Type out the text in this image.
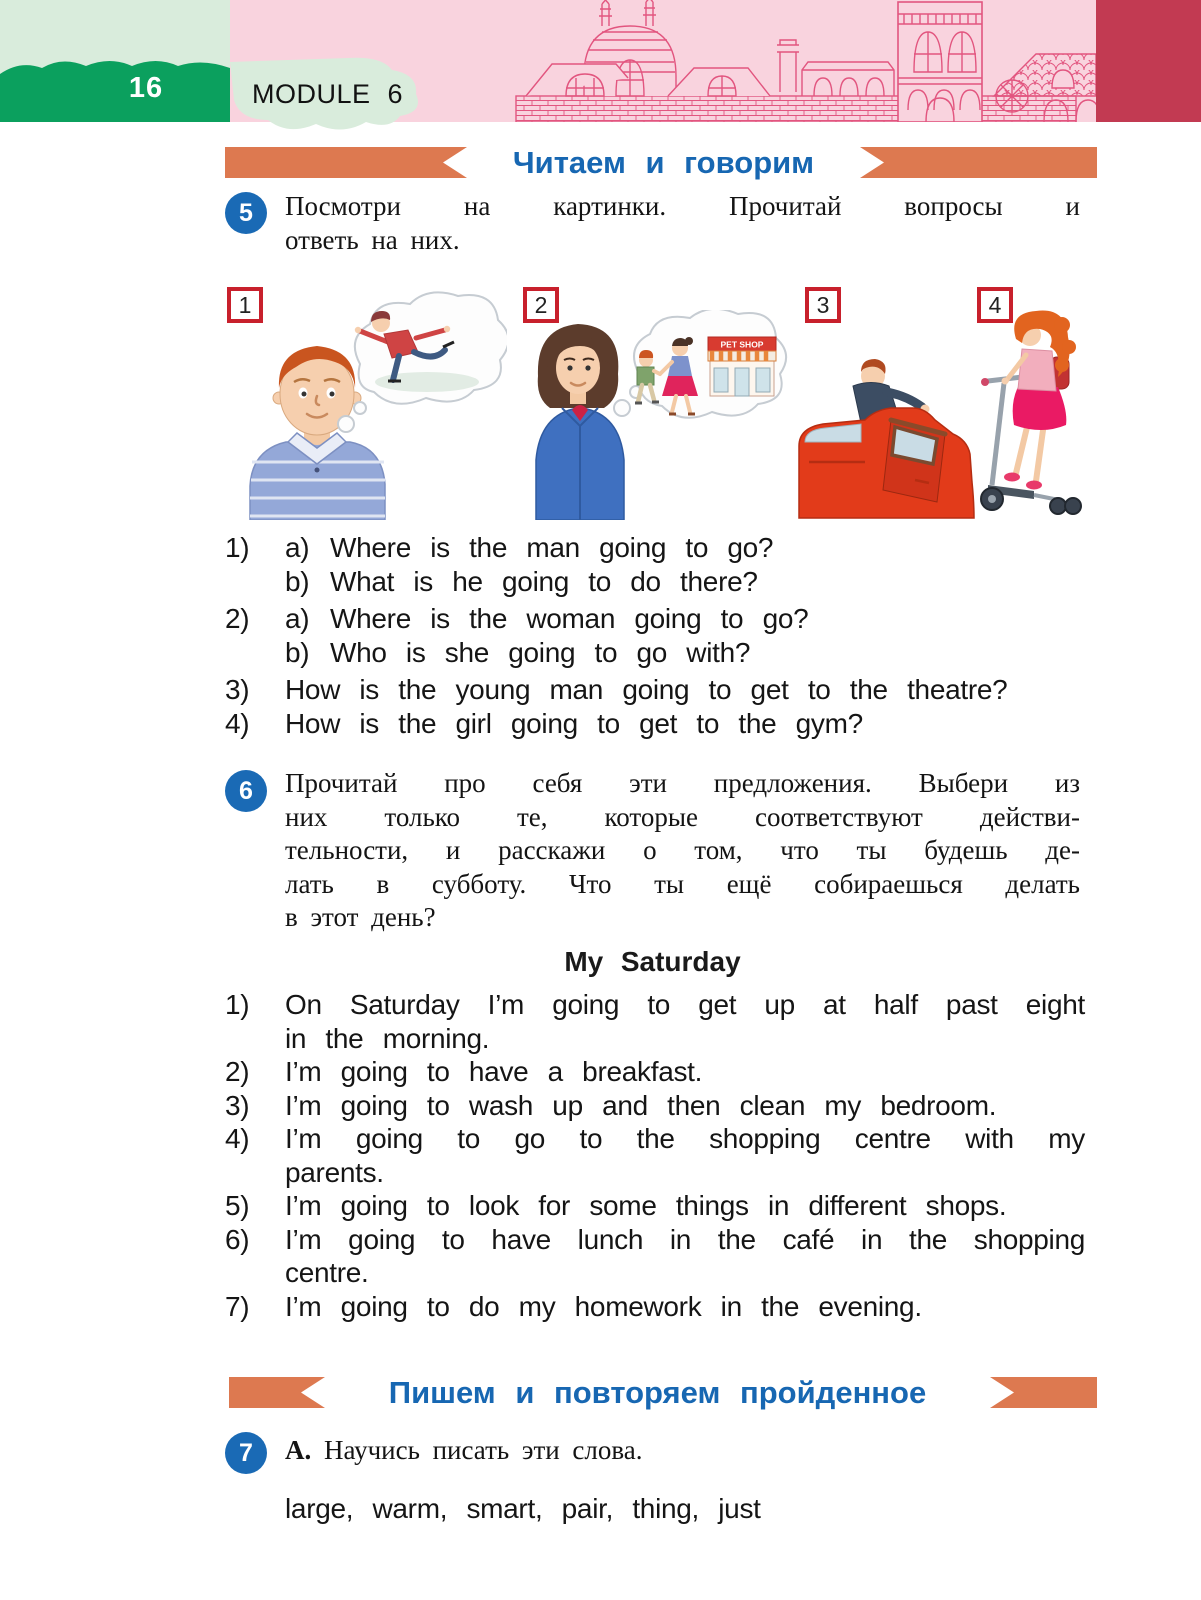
16	MODULE 6
Читаем и говорим
5	Посмотри на картинки. Прочитай вопросы и
ответь на них.
1	2	3	4
PET SHOP
1)	a) Where is the man going to go?
b) What is he going to do there?
2)	a) Where is the woman going to go?
b) Who is she going to go with?
3)	How is the young man going to get to the theatre?
4)	How is the girl going to get to the gym?
6	Прочитай про себя эти предложения. Выбери из
них только те, которые соответствуют действи-
тельности, и расскажи о том, что ты будешь де-
лать в субботу. Что ты ещё собираешься делать
в этот день?
My Saturday
1)	On Saturday I’m going to get up at half past eight
in the morning.
2)	I’m going to have a breakfast.
3)	I’m going to wash up and then clean my bedroom.
4)	I’m going to go to the shopping centre with my
parents.
5)	I’m going to look for some things in different shops.
6)	I’m going to have lunch in the café in the shopping
centre.
7)	I’m going to do my homework in the evening.
Пишем и повторяем пройденное
7	А. Научись писать эти слова.
large, warm, smart, pair, thing, just
